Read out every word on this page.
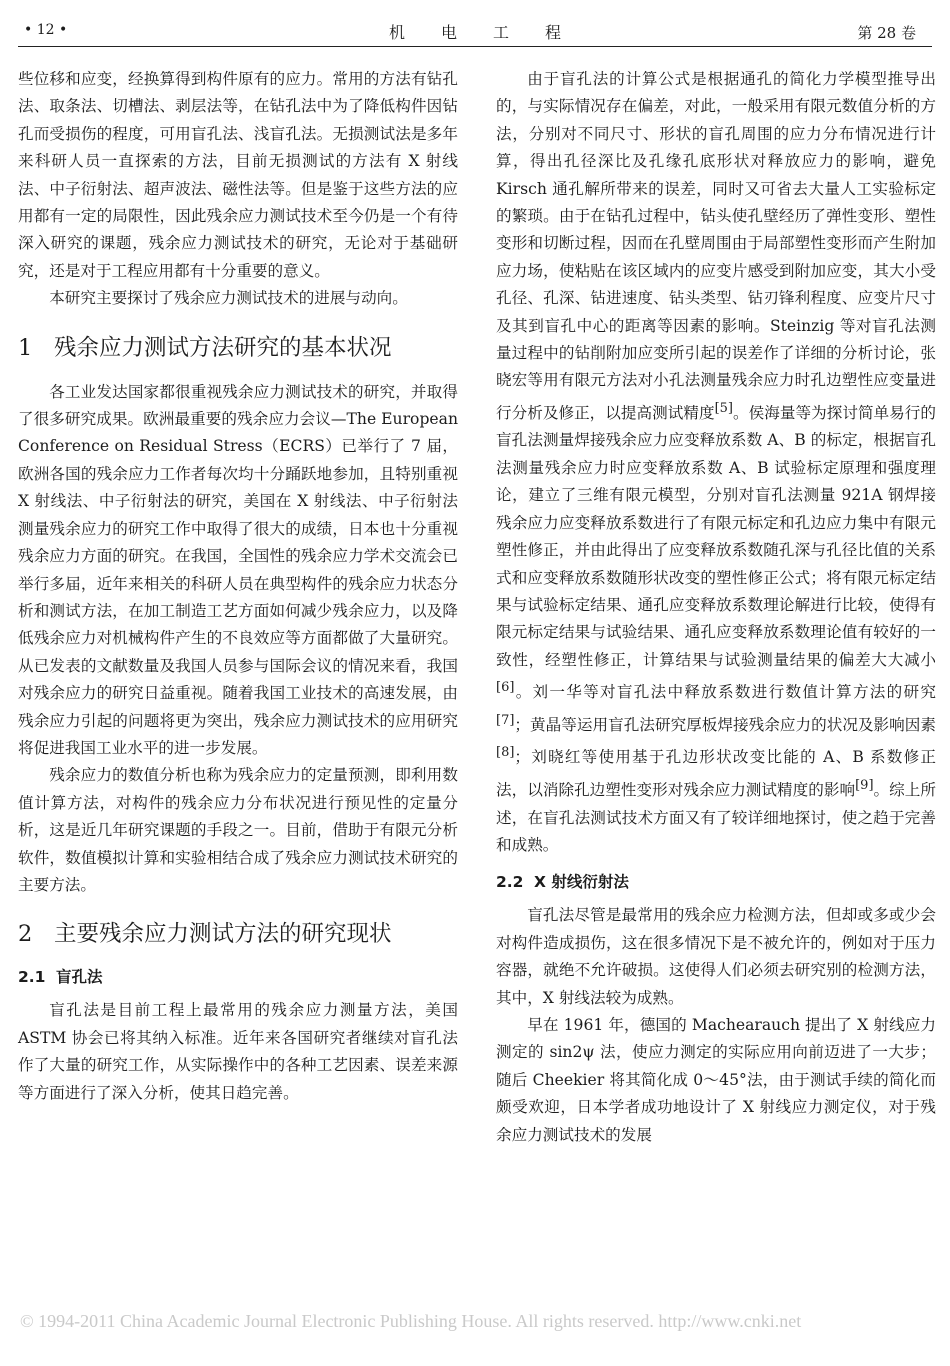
• 12 •	机电工程	第 28 卷

些位移和应变，经换算得到构件原有的应力。常用的方法有钻孔法、取条法、切槽法、剥层法等，在钻孔法中为了降低构件因钻孔而受损伤的程度，可用盲孔法、浅盲孔法。无损测试法是多年来科研人员一直探索的方法，目前无损测试的方法有 X 射线法、中子衍射法、超声波法、磁性法等。但是鉴于这些方法的应用都有一定的局限性，因此残余应力测试技术至今仍是一个有待深入研究的课题，残余应力测试技术的研究，无论对于基础研究，还是对于工程应用都有十分重要的意义。

本研究主要探讨了残余应力测试技术的进展与动向。

1 残余应力测试方法研究的基本状况

各工业发达国家都很重视残余应力测试技术的研究，并取得了很多研究成果。欧洲最重要的残余应力会议—The European Conference on Residual Stress（ECRS）已举行了 7 届，欧洲各国的残余应力工作者每次均十分踊跃地参加，且特别重视 X 射线法、中子衍射法的研究，美国在 X 射线法、中子衍射法测量残余应力的研究工作中取得了很大的成绩，日本也十分重视残余应力方面的研究。在我国，全国性的残余应力学术交流会已举行多届，近年来相关的科研人员在典型构件的残余应力状态分析和测试方法，在加工制造工艺方面如何减少残余应力，以及降低残余应力对机械构件产生的不良效应等方面都做了大量研究。从已发表的文献数量及我国人员参与国际会议的情况来看，我国对残余应力的研究日益重视。随着我国工业技术的高速发展，由残余应力引起的问题将更为突出，残余应力测试技术的应用研究将促进我国工业水平的进一步发展。

残余应力的数值分析也称为残余应力的定量预测，即利用数值计算方法，对构件的残余应力分布状况进行预见性的定量分析，这是近几年研究课题的手段之一。目前，借助于有限元分析软件，数值模拟计算和实验相结合成了残余应力测试技术研究的主要方法。

2 主要残余应力测试方法的研究现状
2.1 盲孔法

盲孔法是目前工程上最常用的残余应力测量方法，美国 ASTM 协会已将其纳入标准。近年来各国研究者继续对盲孔法作了大量的研究工作，从实际操作中的各种工艺因素、误差来源等方面进行了深入分析，使其日趋完善。

由于盲孔法的计算公式是根据通孔的简化力学模型推导出的，与实际情况存在偏差，对此，一般采用有限元数值分析的方法，分别对不同尺寸、形状的盲孔周围的应力分布情况进行计算，得出孔径深比及孔缘孔底形状对释放应力的影响，避免 Kirsch 通孔解所带来的误差，同时又可省去大量人工实验标定的繁琐。由于在钻孔过程中，钻头使孔壁经历了弹性变形、塑性变形和切断过程，因而在孔壁周围由于局部塑性变形而产生附加应力场，使粘贴在该区域内的应变片感受到附加应变，其大小受孔径、孔深、钻进速度、钻头类型、钻刃锋利程度、应变片尺寸及其到盲孔中心的距离等因素的影响。Steinzig 等对盲孔法测量过程中的钻削附加应变所引起的误差作了详细的分析讨论，张晓宏等用有限元方法对小孔法测量残余应力时孔边塑性应变量进行分析及修正，以提高测试精度[5]。侯海量等为探讨简单易行的盲孔法测量焊接残余应力应变释放系数 A、B 的标定，根据盲孔法测量残余应力时应变释放系数 A、B 试验标定原理和强度理论，建立了三维有限元模型，分别对盲孔法测量 921A 钢焊接残余应力应变释放系数进行了有限元标定和孔边应力集中有限元塑性修正，并由此得出了应变释放系数随孔深与孔径比值的关系式和应变释放系数随形状改变的塑性修正公式；将有限元标定结果与试验标定结果、通孔应变释放系数理论解进行比较，使得有限元标定结果与试验结果、通孔应变释放系数理论值有较好的一致性，经塑性修正，计算结果与试验测量结果的偏差大大减小[6]。刘一华等对盲孔法中释放系数进行数值计算方法的研究[7]；黄晶等运用盲孔法研究厚板焊接残余应力的状况及影响因素[8]；刘晓红等使用基于孔边形状改变比能的 A、B 系数修正法，以消除孔边塑性变形对残余应力测试精度的影响[9]。综上所述，在盲孔法测试技术方面又有了较详细地探讨，使之趋于完善和成熟。

2.2 X 射线衍射法

盲孔法尽管是最常用的残余应力检测方法，但却或多或少会对构件造成损伤，这在很多情况下是不被允许的，例如对于压力容器，就绝不允许破损。这使得人们必须去研究别的检测方法，其中，X 射线法较为成熟。

早在 1961 年，德国的 Machearauch 提出了 X 射线应力测定的 sin2ψ 法，使应力测定的实际应用向前迈进了一大步；随后 Cheekier 将其简化成 0～45°法，由于测试手续的简化而颇受欢迎，日本学者成功地设计了 X 射线应力测定仪，对于残余应力测试技术的发展

© 1994-2011 China Academic Journal Electronic Publishing House. All rights reserved. http://www.cnki.net
